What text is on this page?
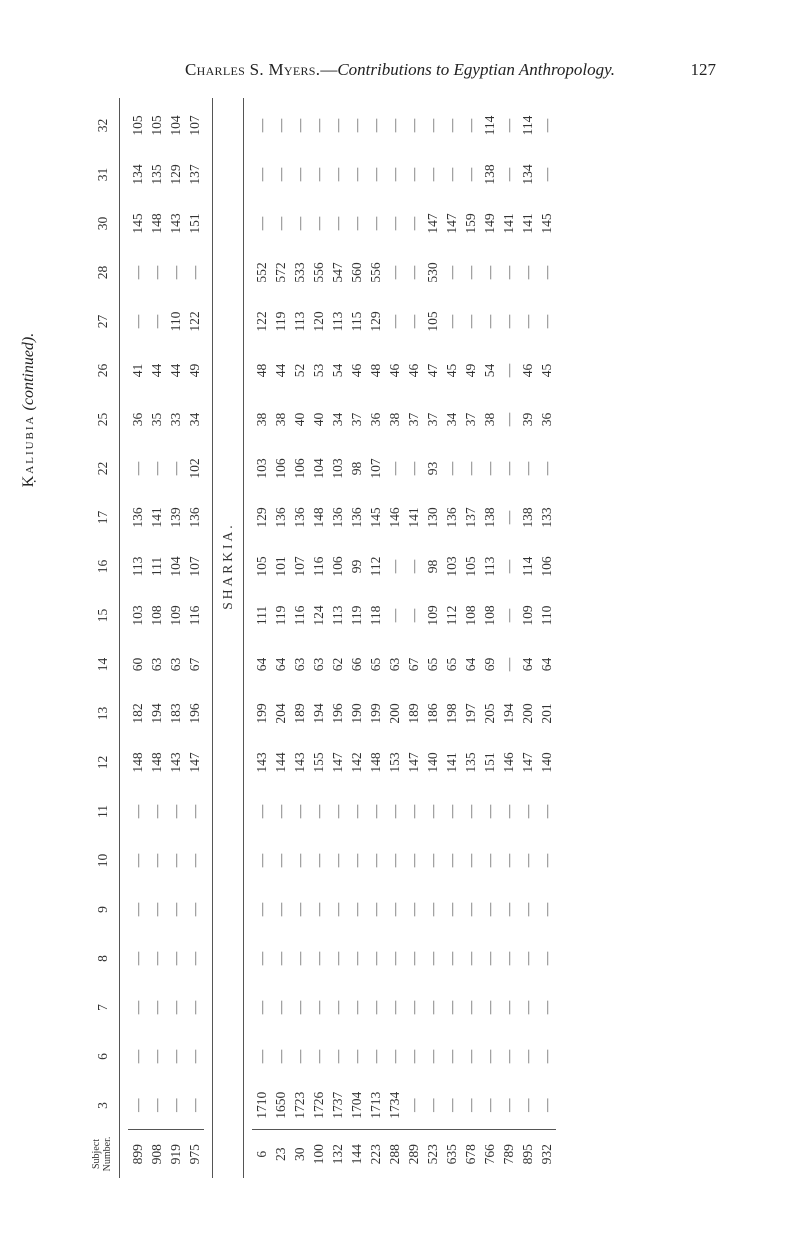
Charles S. Myers.—Contributions to Egyptian Anthropology.	127
Ḳaliubia (continued).
Subject Number.	3	6	7	8	9	10	11	12	13	14	15	16	17	22	25	26	27	28	30	31	32			

899	—	—	—	—	—	—	—	148	182	60	103	113	136	—	36	41	—	—	145	134	105			
908	—	—	—	—	—	—	—	148	194	63	108	111	141	—	35	44	—	—	148	135	105			
919	—	—	—	—	—	—	—	143	183	63	109	104	139	—	33	44	110	—	143	129	104			
975	—	—	—	—	—	—	—	147	196	67	116	107	136	102	34	49	122	—	151	137	107			

SHARKIA.																								

6	1710	—	—	—	—	—	—	143	199	64	111	105	129	103	38	48	122	552	—	—	—			
23	1650	—	—	—	—	—	—	144	204	64	119	101	136	106	38	44	119	572	—	—	—			
30	1723	—	—	—	—	—	—	143	189	63	116	107	136	106	40	52	113	533	—	—	—			
100	1726	—	—	—	—	—	—	155	194	63	124	116	148	104	40	53	120	556	—	—	—			
132	1737	—	—	—	—	—	—	147	196	62	113	106	136	103	34	54	113	547	—	—	—			
144	1704	—	—	—	—	—	—	142	190	66	119	99	136	98	37	46	115	560	—	—	—			
223	1713	—	—	—	—	—	—	148	199	65	118	112	145	107	36	48	129	556	—	—	—			
288	1734	—	—	—	—	—	—	153	200	63	—	—	146	—	38	46	—	—	—	—	—			
289	—	—	—	—	—	—	—	147	189	67	—	—	141	—	37	46	—	—	—	—	—			
523	—	—	—	—	—	—	—	140	186	65	109	98	130	93	37	47	105	530	147	—	—			
635	—	—	—	—	—	—	—	141	198	65	112	103	136	—	34	45	—	—	147	—	—			
678	—	—	—	—	—	—	—	135	197	64	108	105	137	—	37	49	—	—	159	—	—			
766	—	—	—	—	—	—	—	151	205	69	108	113	138	—	38	54	—	—	149	138	114			
789	—	—	—	—	—	—	—	146	194	—	—	—	—	—	—	—	—	—	141	—	—			
895	—	—	—	—	—	—	—	147	200	64	109	114	138	—	39	46	—	—	141	134	114			
932	—	—	—	—	—	—	—	140	201	64	110	106	133	—	36	45	—	—	145	—	—			
